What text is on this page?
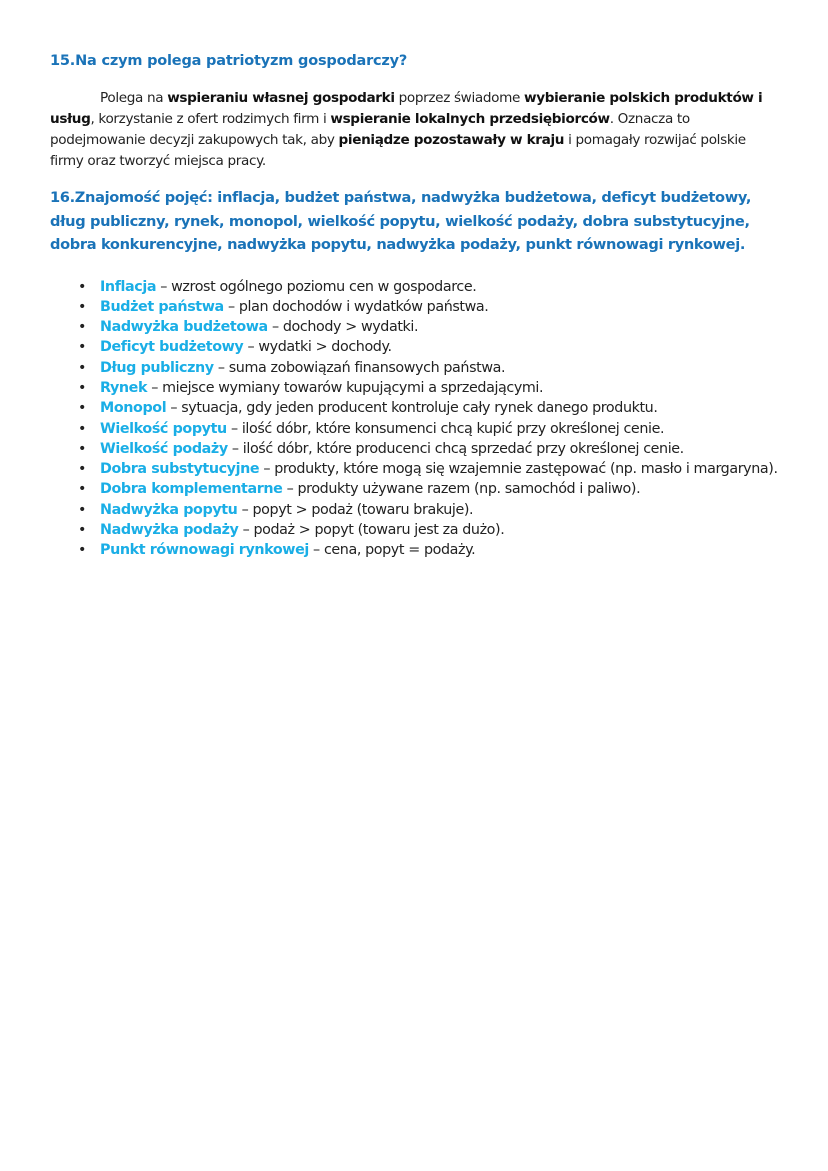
15.Na czym polega patriotyzm gospodarczy?

Polega na wspieraniu własnej gospodarki poprzez świadome wybieranie polskich produktów i usług, korzystanie z ofert rodzimych firm i wspieranie lokalnych przedsiębiorców. Oznacza to podejmowanie decyzji zakupowych tak, aby pieniądze pozostawały w kraju i pomagały rozwijać polskie firmy oraz tworzyć miejsca pracy.

16.Znajomość pojęć: inflacja, budżet państwa, nadwyżka budżetowa, deficyt budżetowy, dług publiczny, rynek, monopol, wielkość popytu, wielkość podaży, dobra substytucyjne, dobra konkurencyjne, nadwyżka popytu, nadwyżka podaży, punkt równowagi rynkowej.
• Inflacja – wzrost ogólnego poziomu cen w gospodarce.
• Budżet państwa – plan dochodów i wydatków państwa.
• Nadwyżka budżetowa – dochody > wydatki.
• Deficyt budżetowy – wydatki > dochody.
• Dług publiczny – suma zobowiązań finansowych państwa.
• Rynek – miejsce wymiany towarów kupującymi a sprzedającymi.
• Monopol – sytuacja, gdy jeden producent kontroluje cały rynek danego produktu.
• Wielkość popytu – ilość dóbr, które konsumenci chcą kupić przy określonej cenie.
• Wielkość podaży – ilość dóbr, które producenci chcą sprzedać przy określonej cenie.
• Dobra substytucyjne – produkty, które mogą się wzajemnie zastępować (np. masło i margaryna).
• Dobra komplementarne – produkty używane razem (np. samochód i paliwo).
• Nadwyżka popytu – popyt > podaż (towaru brakuje).
• Nadwyżka podaży – podaż > popyt (towaru jest za dużo).
• Punkt równowagi rynkowej – cena, popyt = podaży.
